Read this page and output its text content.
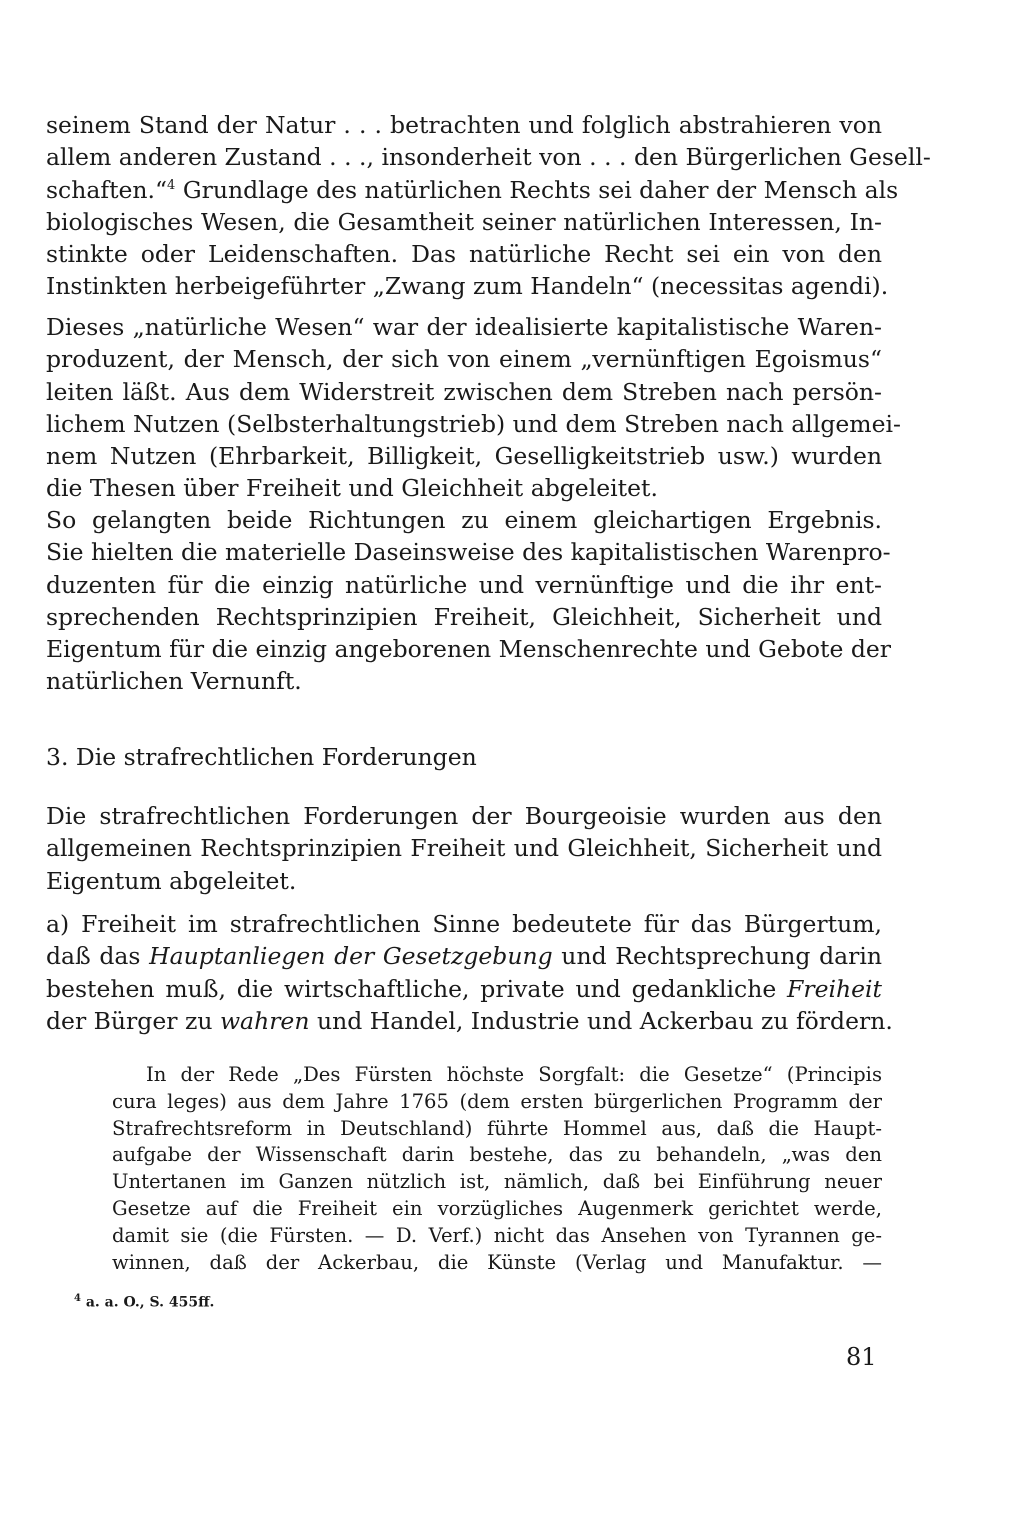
seinem Stand der Natur . . . betrachten und folglich abstrahieren von
allem anderen Zustand . . ., insonderheit von . . . den Bürgerlichen Gesell-
schaften.“$^4$ Grundlage des natürlichen Rechts sei daher der Mensch als
biologisches Wesen, die Gesamtheit seiner natürlichen Interessen, In-
stinkte oder Leidenschaften. Das natürliche Recht sei ein von den
Instinkten herbeigeführter „Zwang zum Handeln“ (necessitas agendi).
Dieses „natürliche Wesen“ war der idealisierte kapitalistische Waren-
produzent, der Mensch, der sich von einem „vernünftigen Egoismus“
leiten läßt. Aus dem Widerstreit zwischen dem Streben nach persön-
lichem Nutzen (Selbsterhaltungstrieb) und dem Streben nach allgemei-
nem Nutzen (Ehrbarkeit, Billigkeit, Geselligkeitstrieb usw.) wurden
die Thesen über Freiheit und Gleichheit abgeleitet.
So gelangten beide Richtungen zu einem gleichartigen Ergebnis.
Sie hielten die materielle Daseinsweise des kapitalistischen Warenpro-
duzenten für die einzig natürliche und vernünftige und die ihr ent-
sprechenden Rechtsprinzipien Freiheit, Gleichheit, Sicherheit und
Eigentum für die einzig angeborenen Menschenrechte und Gebote der
natürlichen Vernunft.
3. Die strafrechtlichen Forderungen
Die strafrechtlichen Forderungen der Bourgeoisie wurden aus den
allgemeinen Rechtsprinzipien Freiheit und Gleichheit, Sicherheit und
Eigentum abgeleitet.
a) Freiheit im strafrechtlichen Sinne bedeutete für das Bürgertum,
daß das Hauptanliegen der Gesetzgebung und Rechtsprechung darin
bestehen muß, die wirtschaftliche, private und gedankliche Freiheit
der Bürger zu wahren und Handel, Industrie und Ackerbau zu fördern.
In der Rede „Des Fürsten höchste Sorgfalt: die Gesetze“ (Principis
cura leges) aus dem Jahre 1765 (dem ersten bürgerlichen Programm der
Strafrechtsreform in Deutschland) führte Hommel aus, daß die Haupt-
aufgabe der Wissenschaft darin bestehe, das zu behandeln, „was den
Untertanen im Ganzen nützlich ist, nämlich, daß bei Einführung neuer
Gesetze auf die Freiheit ein vorzügliches Augenmerk gerichtet werde,
damit sie (die Fürsten. — D. Verf.) nicht das Ansehen von Tyrannen ge-
winnen, daß der Ackerbau, die Künste (Verlag und Manufaktur. —
$^4$ a. a. O., S. 455ff.
81
